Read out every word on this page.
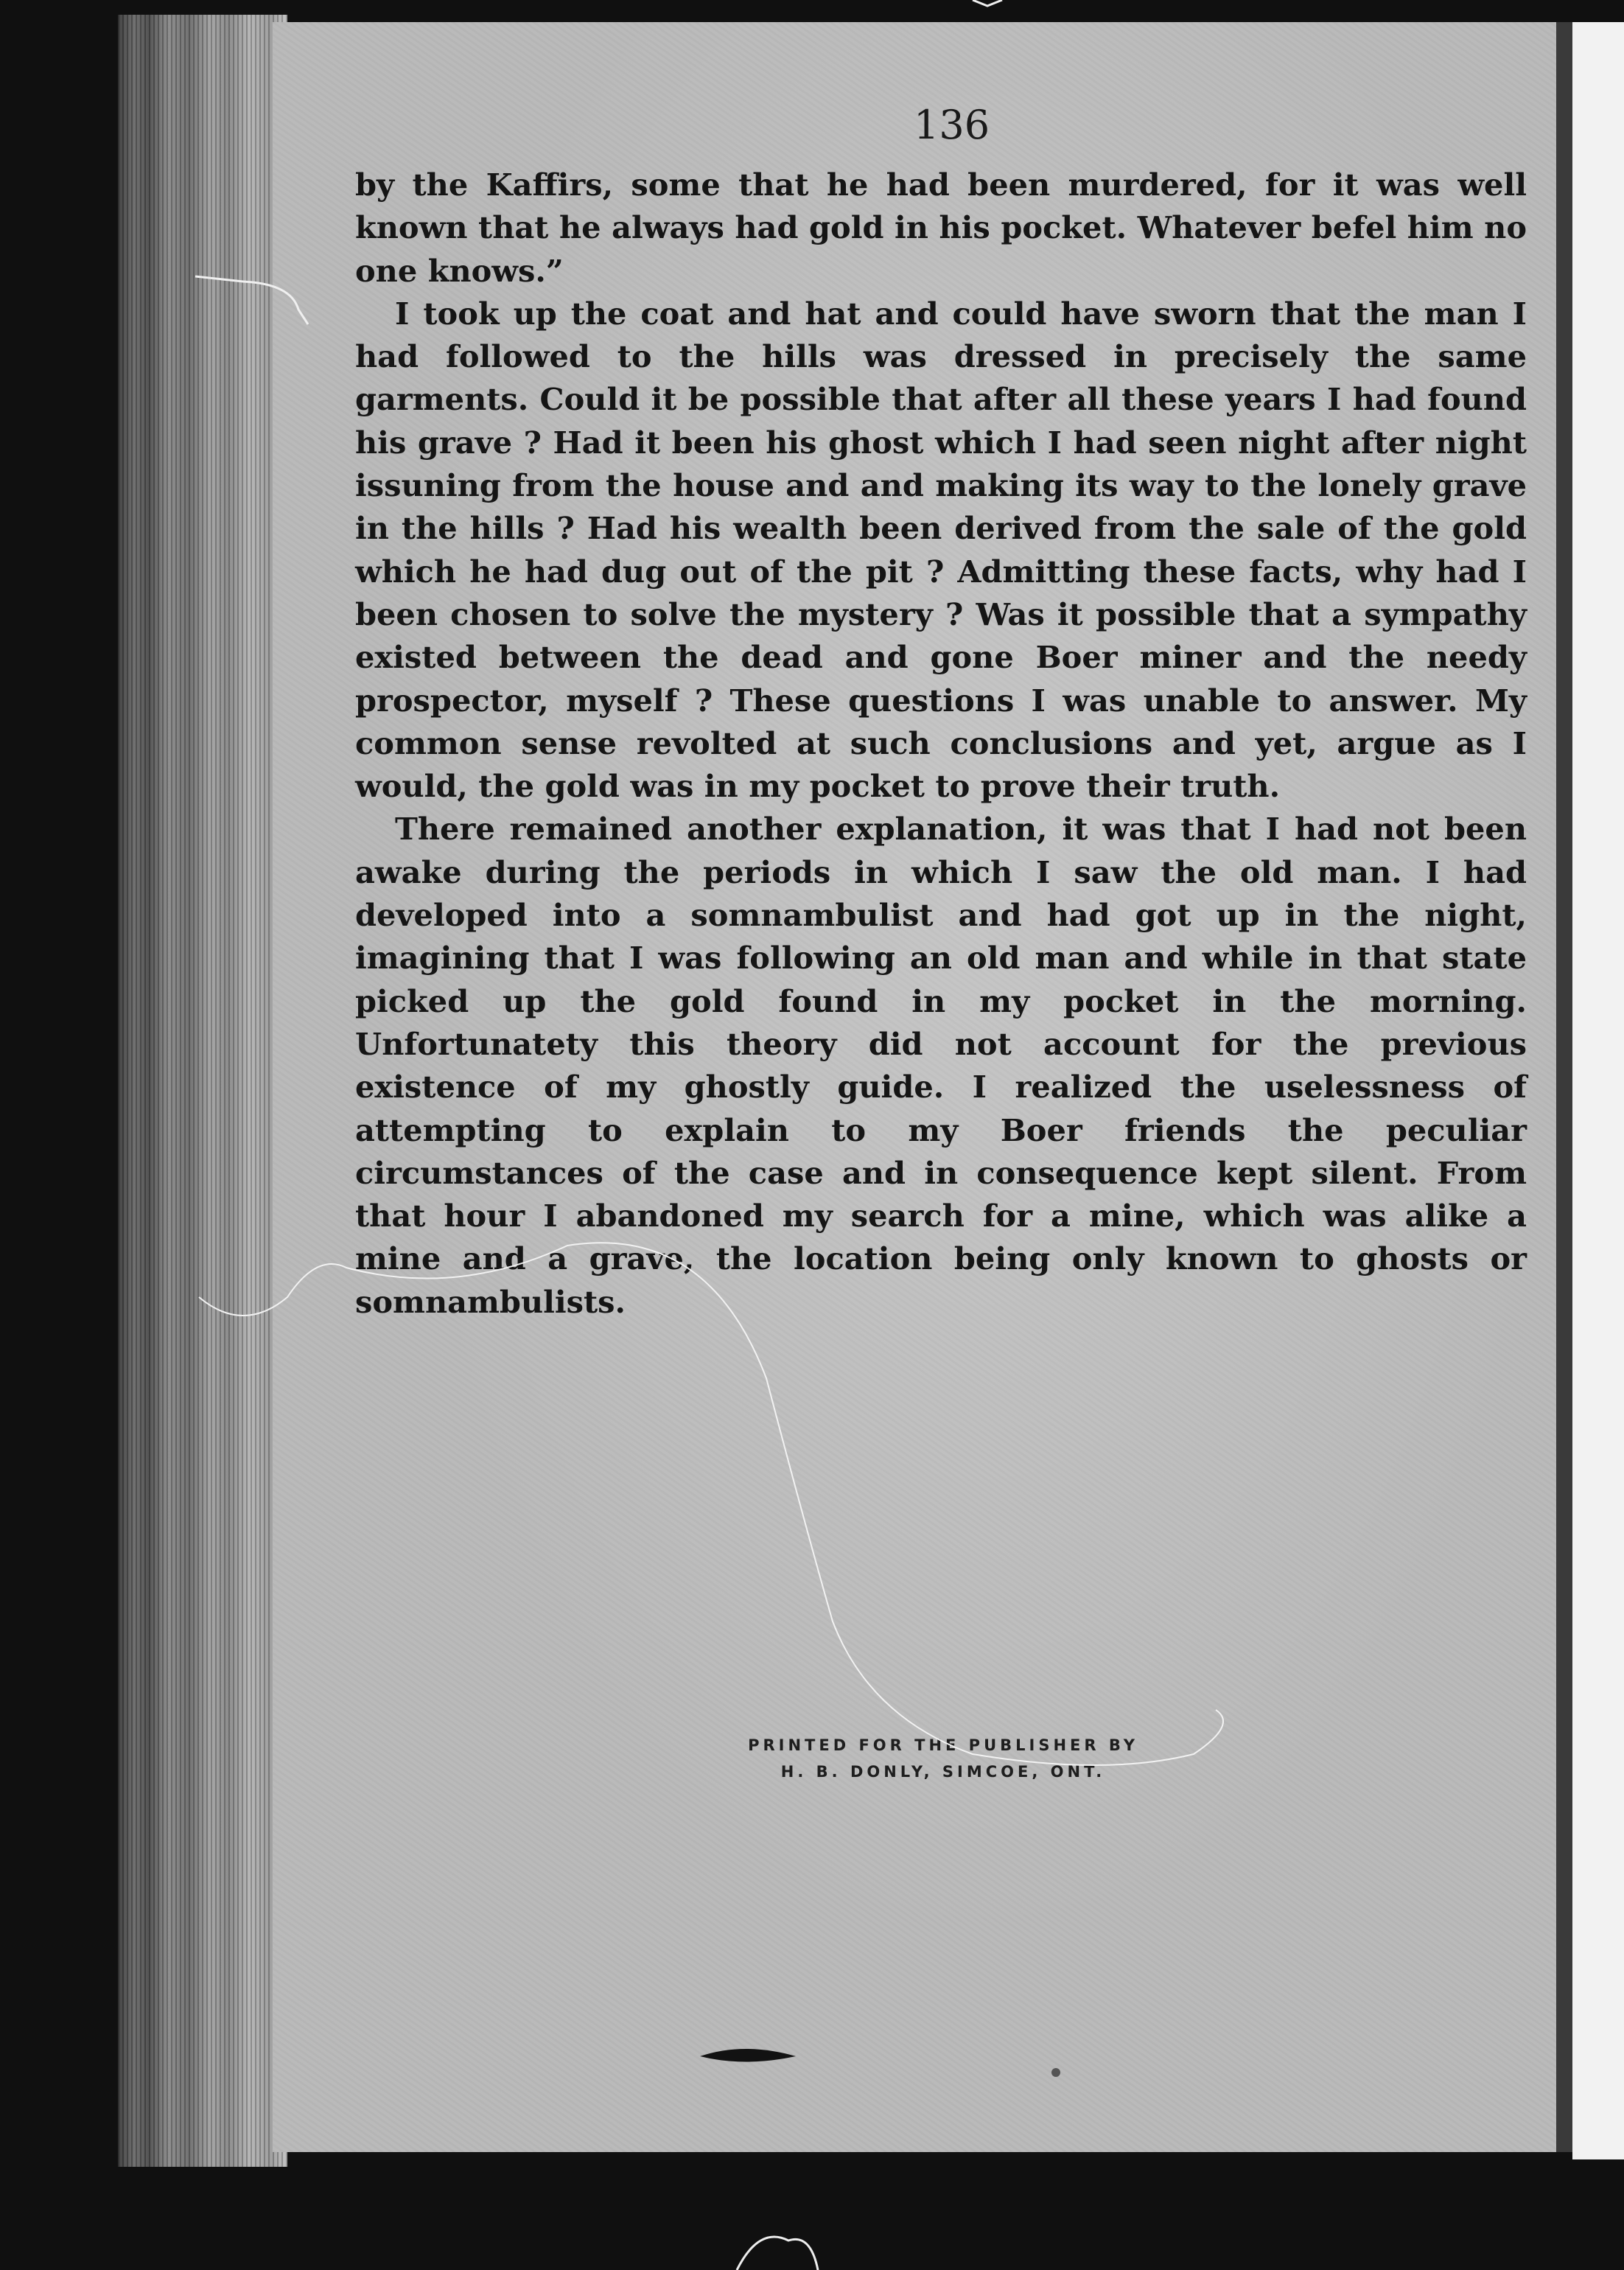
136

by the Kaffirs, some that he had been murdered, for it was well known that he always had gold in his pocket. Whatever befel him no one knows.”

I took up the coat and hat and could have sworn that the man I had followed to the hills was dressed in precisely the same garments. Could it be possible that after all these years I had found his grave ? Had it been his ghost which I had seen night after night issuning from the house and and making its way to the lonely grave in the hills ? Had his wealth been derived from the sale of the gold which he had dug out of the pit ? Admitting these facts, why had I been chosen to solve the mystery ? Was it possible that a sympathy existed between the dead and gone Boer miner and the needy prospector, myself ? These questions I was unable to answer. My common sense revolted at such conclusions and yet, argue as I would, the gold was in my pocket to prove their truth.

There remained another explanation, it was that I had not been awake during the periods in which I saw the old man. I had developed into a somnambulist and had got up in the night, imagining that I was following an old man and while in that state picked up the gold found in my pocket in the morning. Unfortunatety this theory did not account for the previous existence of my ghostly guide. I realized the uselessness of attempting to explain to my Boer friends the peculiar circumstances of the case and in consequence kept silent. From that hour I abandoned my search for a mine, which was alike a mine and a grave, the location being only known to ghosts or somnambulists.

PRINTED FOR THE PUBLISHER BY
H. B. DONLY, SIMCOE, ONT.
